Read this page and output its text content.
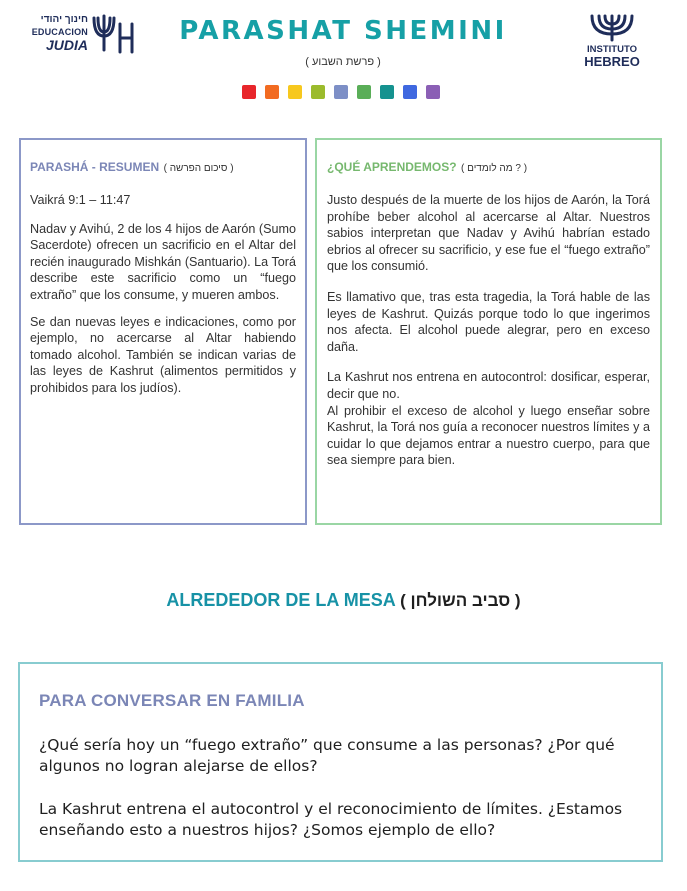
חינוך יהודי
EDUCACION
JUDIA
IH	PARASHAT SHEMINI
( פרשת השבוע )
INSTITUTO
HEBREO
PARASHÁ - RESUMEN ( סיכום הפרשה )

Vaikrá 9:1 – 11:47

Nadav y Avihú, 2 de los 4 hijos de Aarón (Sumo Sacerdote) ofrecen un sacrificio en el Altar del recién inaugurado Mishkán (Santuario). La Torá describe este sacrificio como un “fuego extraño” que los consume, y mueren ambos.

Se dan nuevas leyes e indicaciones, como por ejemplo, no acercarse al Altar habiendo tomado alcohol. También se indican varias de las leyes de Kashrut (alimentos permitidos y prohibidos para los judíos).

¿QUÉ APRENDEMOS? ( מה לומדים ? )

Justo después de la muerte de los hijos de Aarón, la Torá prohíbe beber alcohol al acercarse al Altar. Nuestros sabios interpretan que Nadav y Avihú habrían estado ebrios al ofrecer su sacrificio, y ese fue el “fuego extraño” que los consumió.

Es llamativo que, tras esta tragedia, la Torá hable de las leyes de Kashrut. Quizás porque todo lo que ingerimos nos afecta. El alcohol puede alegrar, pero en exceso daña.

La Kashrut nos entrena en autocontrol: dosificar, esperar, decir que no.

Al prohibir el exceso de alcohol y luego enseñar sobre Kashrut, la Torá nos guía a reconocer nuestros límites y a cuidar lo que dejamos entrar a nuestro cuerpo, para que sea siempre para bien.

ALREDEDOR DE LA MESA ( סביב השולחן )
PARA CONVERSAR EN FAMILIA

¿Qué sería hoy un “fuego extraño” que consume a las personas? ¿Por qué algunos no logran alejarse de ellos?

La Kashrut entrena el autocontrol y el reconocimiento de límites. ¿Estamos enseñando esto a nuestros hijos? ¿Somos ejemplo de ello?
